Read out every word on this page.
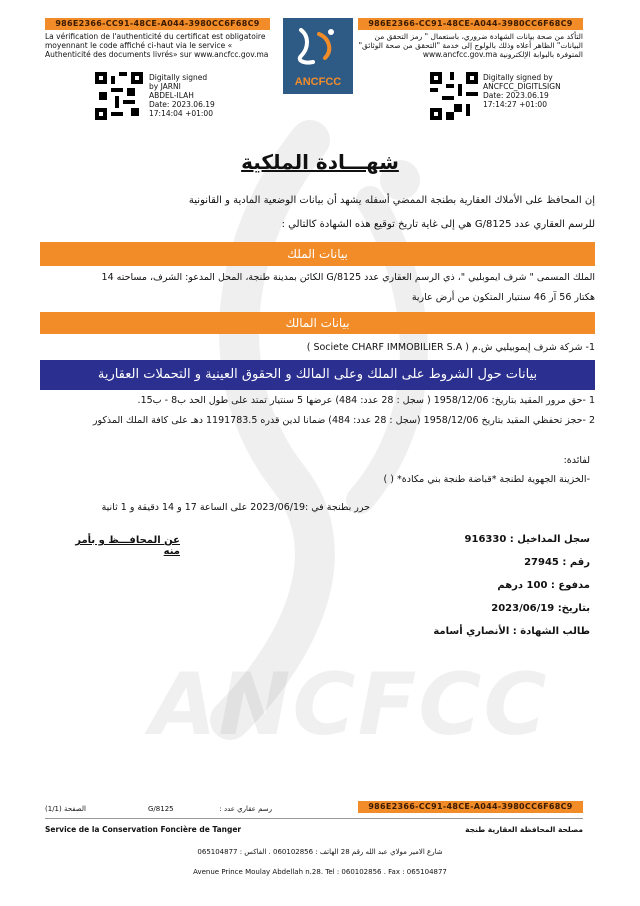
ANCFCC
986E2366-CC91-48CE-A044-3980CC6F68C9	986E2366-CC91-48CE-A044-3980CC6F68C9
La vérification de l'authenticité du certificat est obligatoire moyennant le code affiché ci-haut via le service « Authenticité des documents livrés» sur www.ancfcc.gov.ma
التأكد من صحة بيانات الشهادة ضروري، باستعمال " رمز التحقق من البيانات" الظاهر أعلاه وذلك بالولوج إلى خدمة "التحقق من صحة الوثائق" المتوفرة بالبوابة الإلكترونية www.ancfcc.gov.ma
ANCFCC
Digitally signed
by JARNI
ABDEL-ILAH
Date: 2023.06.19
17:14:04 +01:00
Digitally signed by
ANCFCC_DIGITLSIGN
Date: 2023.06.19
17:14:27 +01:00
شهـــادة الملكية
إن المحافظ على الأملاك العقارية بطنجة الممضي أسفله يشهد أن بيانات الوضعية المادية و القانونية
للرسم العقاري عدد G/8125 هي إلى غاية تاريخ توقيع هذه الشهادة كالتالي :
بيانات الملك
الملك المسمى " شرف ايموبليي "، ذي الرسم العقاري عدد G/8125 الكائن بمدينة طنجة، المحل المدعو: الشرف، مساحته 14
هكتار 56 آر 46 سنتيار المتكون من أرض عارية
بيانات المالك
1- شركة شرف إيموبيليي ش.م ( Societe CHARF IMMOBILIER S.A )
بيانات حول الشروط على الملك وعلى المالك و الحقوق العينية و التحملات العقارية
1 -حق مرور المقيد بتاريخ: 1958/12/06 ( سجل : 28 عدد: 484) عرضها 5 سنتيار تمتد على طول الحد ب8 - ب15.
2 -حجز تحفظي المقيد بتاريخ 1958/12/06 (سجل : 28 عدد: 484) ضمانا لدين قدره 1191783.5 دهـ على كافة الملك المذكور
لفائدة:
-الخزينة الجهوية لطنجة *قباضة طنجة بني مكادة* ( )
حرر بطنجة في :2023/06/19 على الساعة 17 و 14 دقيقة و 1 ثانية
عن المحافـــظ و بأمر منه
سجل المداخيل : 916330
رقم : 27945
مدفوع : 100 درهم
بتاريخ: 2023/06/19
طالب الشهادة : الأنصاري أسامة
الصفحة (1/1)	G/8125	رسم عقاري عدد :	986E2366-CC91-48CE-A044-3980CC6F68C9
Service de la Conservation Foncière de Tanger	مصلحة المحافظة العقارية طنجة
شارع الامير مولاي عبد الله رقم 28 الهاتف : 060102856 . الفاكس : 065104877
Avenue Prince Moulay Abdellah n.28. Tel : 060102856 . Fax : 065104877
